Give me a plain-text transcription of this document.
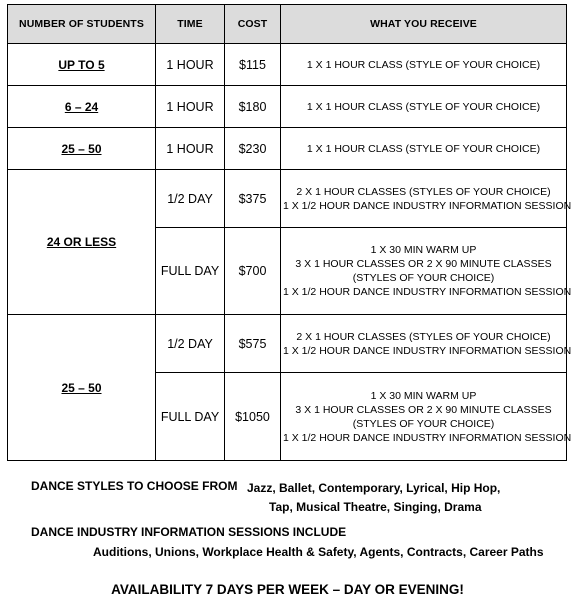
NUMBER OF STUDENTS	TIME	COST	WHAT YOU RECEIVE
UP TO 5	1 HOUR	$115	1 X 1 HOUR CLASS (STYLE OF YOUR CHOICE)

6 – 24	1 HOUR	$180	1 X 1 HOUR CLASS (STYLE OF YOUR CHOICE)

25 – 50	1 HOUR	$230	1 X 1 HOUR CLASS (STYLE OF YOUR CHOICE)

24 OR LESS	1/2 DAY	$375	2 X 1 HOUR CLASSES (STYLES OF YOUR CHOICE)
1 X 1/2 HOUR DANCE INDUSTRY INFORMATION SESSION

	FULL DAY	$700	1 X 30 MIN WARM UP
3 X 1 HOUR CLASSES OR 2 X 90 MINUTE CLASSES
(STYLES OF YOUR CHOICE)
1 X 1/2 HOUR DANCE INDUSTRY INFORMATION SESSION

25 – 50	1/2 DAY	$575	2 X 1 HOUR CLASSES (STYLES OF YOUR CHOICE)
1 X 1/2 HOUR DANCE INDUSTRY INFORMATION SESSION

	FULL DAY	$1050	1 X 30 MIN WARM UP
3 X 1 HOUR CLASSES OR 2 X 90 MINUTE CLASSES
(STYLES OF YOUR CHOICE)
1 X 1/2 HOUR DANCE INDUSTRY INFORMATION SESSION
DANCE STYLES TO CHOOSE FROM Jazz, Ballet, Contemporary, Lyrical, Hip Hop,
Tap, Musical Theatre, Singing, Drama
DANCE INDUSTRY INFORMATION SESSIONS INCLUDE
Auditions, Unions, Workplace Health & Safety, Agents, Contracts, Career Paths
AVAILABILITY 7 DAYS PER WEEK – DAY OR EVENING!
